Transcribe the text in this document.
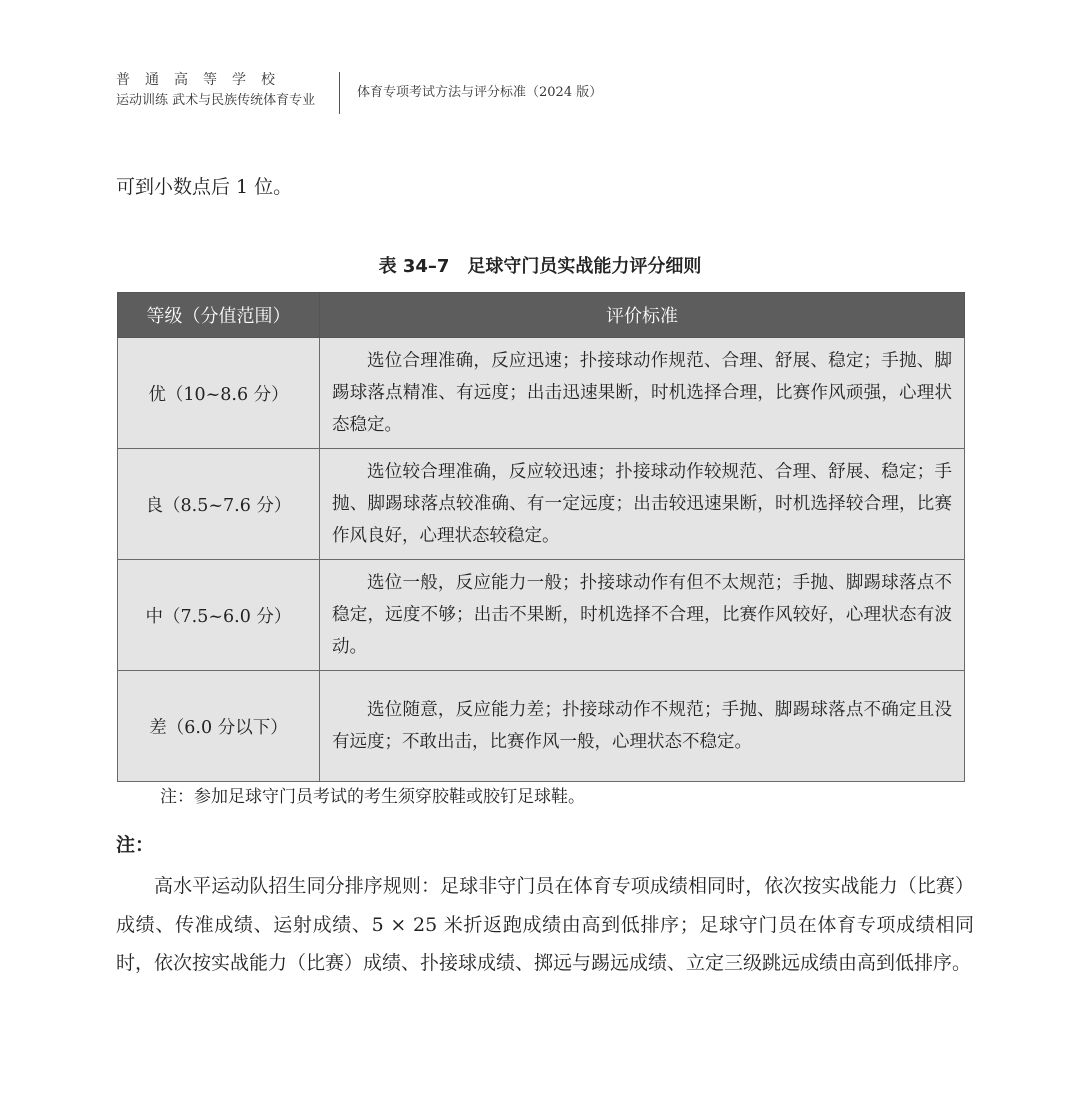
普通高等学校
运动训练 武术与民族传统体育专业
体育专项考试方法与评分标准（2024 版）
可到小数点后 1 位。
表 34–7　足球守门员实战能力评分细则
等级（分值范围）	评价标准
优（10~8.6 分）	选位合理准确，反应迅速；扑接球动作规范、合理、舒展、稳定；手抛、脚踢球落点精准、有远度；出击迅速果断，时机选择合理，比赛作风顽强，心理状态稳定。
良（8.5~7.6 分）	选位较合理准确，反应较迅速；扑接球动作较规范、合理、舒展、稳定；手抛、脚踢球落点较准确、有一定远度；出击较迅速果断，时机选择较合理，比赛作风良好，心理状态较稳定。
中（7.5~6.0 分）	选位一般，反应能力一般；扑接球动作有但不太规范；手抛、脚踢球落点不稳定，远度不够；出击不果断，时机选择不合理，比赛作风较好，心理状态有波动。
差（6.0 分以下）	选位随意，反应能力差；扑接球动作不规范；手抛、脚踢球落点不确定且没有远度；不敢出击，比赛作风一般，心理状态不稳定。
注：参加足球守门员考试的考生须穿胶鞋或胶钉足球鞋。
注：
高水平运动队招生同分排序规则：足球非守门员在体育专项成绩相同时，依次按实战能力（比赛）成绩、传准成绩、运射成绩、5 × 25 米折返跑成绩由高到低排序；足球守门员在体育专项成绩相同时，依次按实战能力（比赛）成绩、扑接球成绩、掷远与踢远成绩、立定三级跳远成绩由高到低排序。
